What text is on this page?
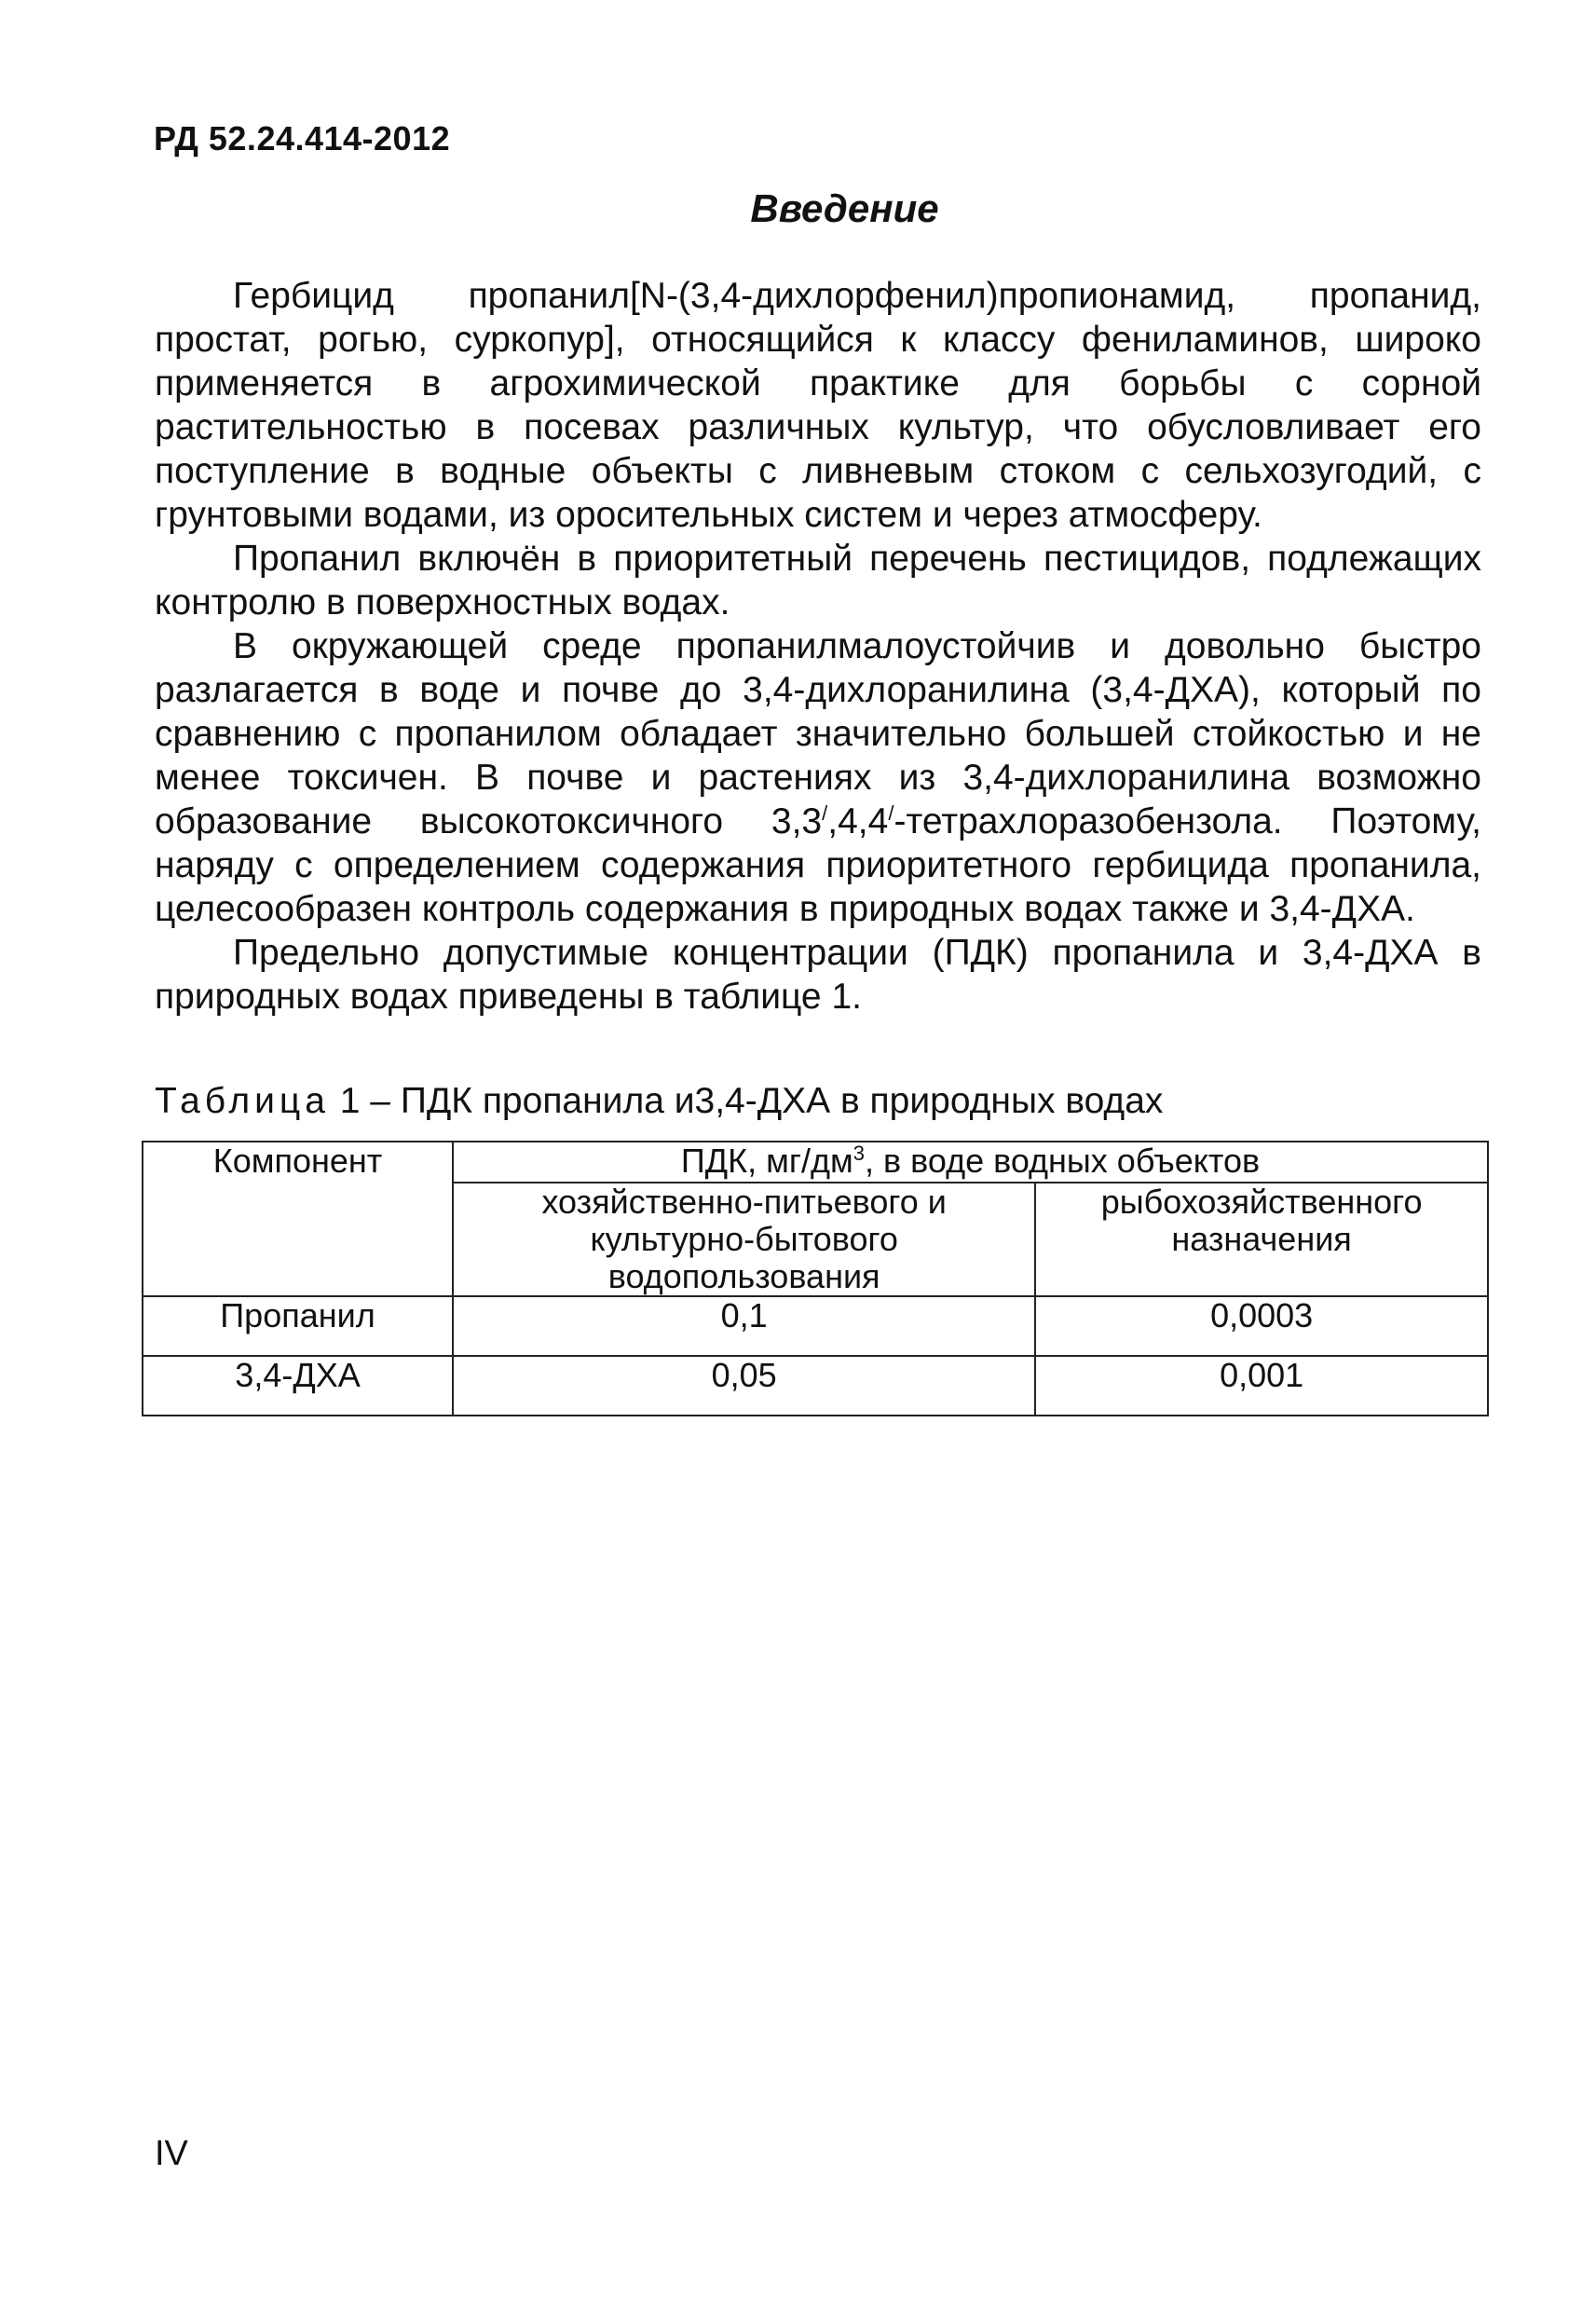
РД 52.24.414-2012
Введение

Гербицид пропанил[N-(3,4-дихлорфенил)пропионамид, пропанид, простат, рогью, суркопур], относящийся к классу фениламинов, широко применяется в агрохимической практике для борьбы с сорной растительностью в посевах различных культур, что обусловливает его поступление в водные объекты с ливневым стоком с сельхозугодий, с грунтовыми водами, из оросительных систем и через атмосферу.

Пропанил включён в приоритетный перечень пестицидов, подлежащих контролю в поверхностных водах.

В окружающей среде пропанилмалоустойчив и довольно быстро разлагается в воде и почве до 3,4-дихлоранилина (3,4-ДХА), который по сравнению с пропанилом обладает значительно большей стойкостью и не менее токсичен. В почве и растениях из 3,4-дихлоранилина возможно образование высокотоксичного 3,3/,4,4/-тетрахлоразобензола. Поэтому, наряду с определением содержания приоритетного гербицида пропанила, целесообразен контроль содержания в природных водах также и 3,4-ДХА.

Предельно допустимые концентрации (ПДК) пропанила и 3,4-ДХА в природных водах приведены в таблице 1.

Таблица 1 – ПДК пропанила и3,4-ДХА в природных водах
Компонент	ПДК, $мг/дм^3$, в воде водных объектов	
	хозяйственно-питьевого и культурно-бытового водопользования	рыбохозяйственного назначения
Пропанил	0,1	0,0003
3,4-ДХА	0,05	0,001
IV
